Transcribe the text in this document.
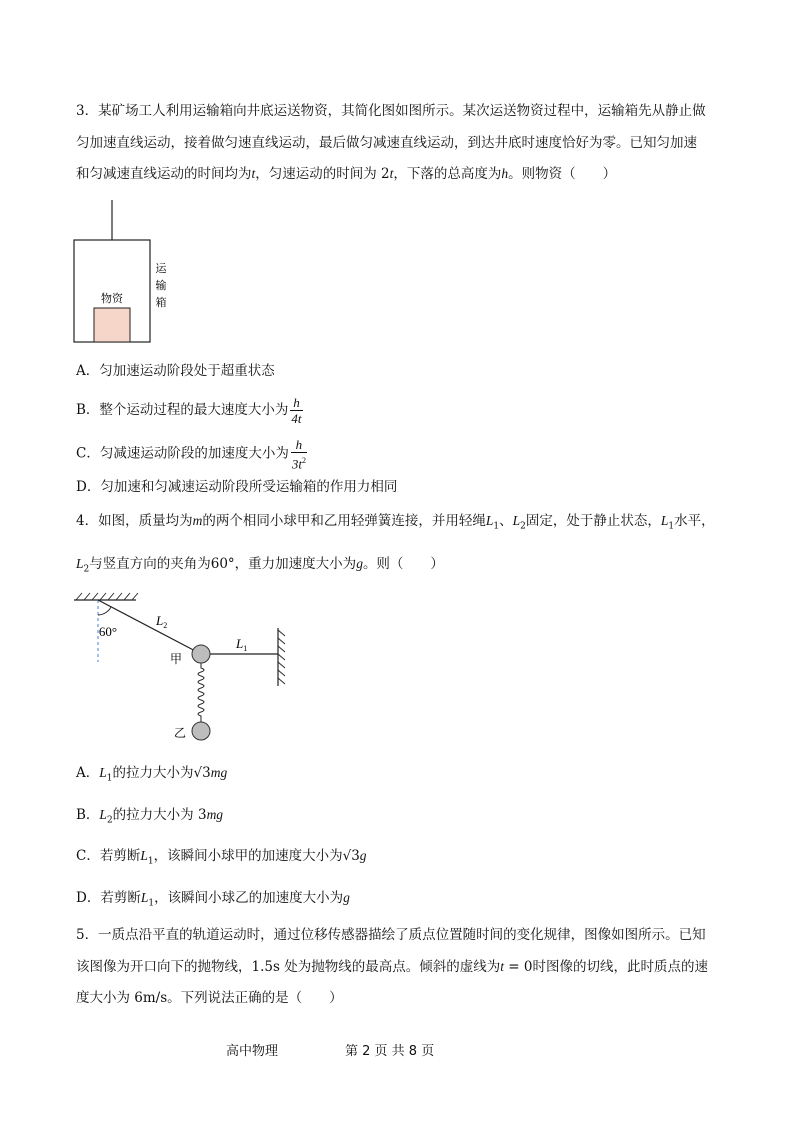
3．某矿场工人利用运输箱向井底运送物资，其简化图如图所示。某次运送物资过程中，运输箱先从静止做
匀加速直线运动，接着做匀速直线运动，最后做匀减速直线运动，到达井底时速度恰好为零。已知匀加速
和匀减速直线运动的时间均为t，匀速运动的时间为 2t，下落的总高度为h。则物资（　　）
物资
运
输
箱
A．匀加速运动阶段处于超重状态
B．整个运动过程的最大速度大小为 $\frac{h}{4t}$
C．匀减速运动阶段的加速度大小为 $\frac{h}{3t^2}$
D．匀加速和匀减速运动阶段所受运输箱的作用力相同
4．如图，质量均为m的两个相同小球甲和乙用轻弹簧连接，并用轻绳$L_1$、$L_2$固定，处于静止状态，$L_1$水平，
$L_2$与竖直方向的夹角为60°，重力加速度大小为g。则（　　）
60°
$L_2$
$L_1$
甲
乙
A．$L_1$的拉力大小为√3mg
B．$L_2$的拉力大小为 3mg
C．若剪断$L_1$，该瞬间小球甲的加速度大小为√3g
D．若剪断$L_1$，该瞬间小球乙的加速度大小为g
5．一质点沿平直的轨道运动时，通过位移传感器描绘了质点位置随时间的变化规律，图像如图所示。已知
该图像为开口向下的抛物线，1.5s 处为抛物线的最高点。倾斜的虚线为t = 0时图像的切线，此时质点的速
度大小为 6m/s。下列说法正确的是（　　）
高中物理	第 2 页 共 8 页
